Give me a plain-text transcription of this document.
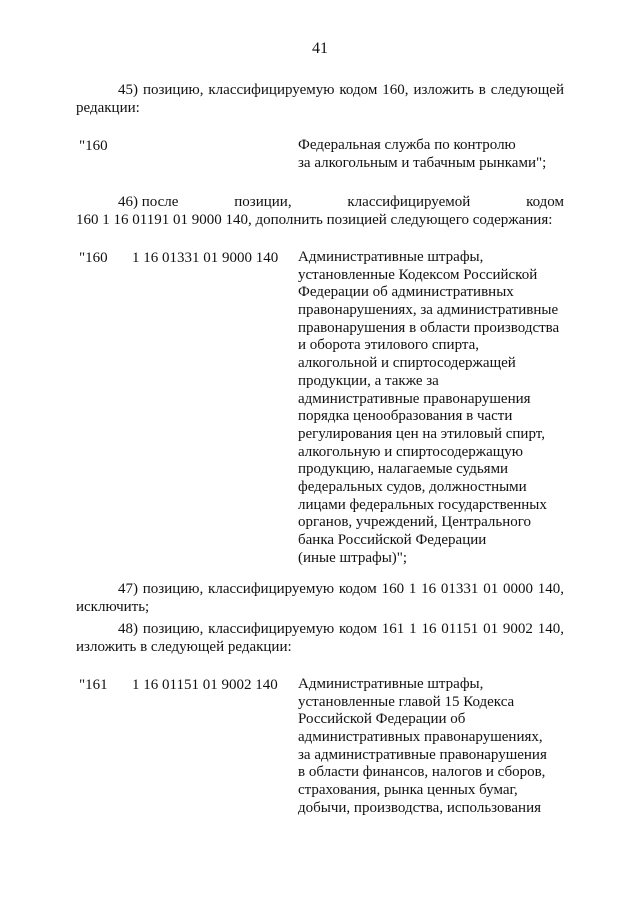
41
45) позицию, классифицируемую кодом 160, изложить в следующей
редакции:
"160	Федеральная служба по контролю
за алкогольным и табачным рынками";
46) после	позиции,	классифицируемой	кодом
160 1 16 01191 01 9000 140, дополнить позицией следующего содержания:
"160 1 16 01331 01 9000 140 Административные штрафы,
установленные Кодексом Российской
Федерации об административных
правонарушениях, за административные
правонарушения в области производства
и оборота этилового спирта,
алкогольной и спиртосодержащей
продукции, а также за
административные правонарушения
порядка ценообразования в части
регулирования цен на этиловый спирт,
алкогольную и спиртосодержащую
продукцию, налагаемые судьями
федеральных судов, должностными
лицами федеральных государственных
органов, учреждений, Центрального
банка Российской Федерации
(иные штрафы)";
47) позицию, классифицируемую кодом 160 1 16 01331 01 0000 140,
исключить;
48) позицию, классифицируемую кодом 161 1 16 01151 01 9002 140,
изложить в следующей редакции:
"161 1 16 01151 01 9002 140 Административные штрафы,
установленные главой 15 Кодекса
Российской Федерации об
административных правонарушениях,
за административные правонарушения
в области финансов, налогов и сборов,
страхования, рынка ценных бумаг,
добычи, производства, использования
